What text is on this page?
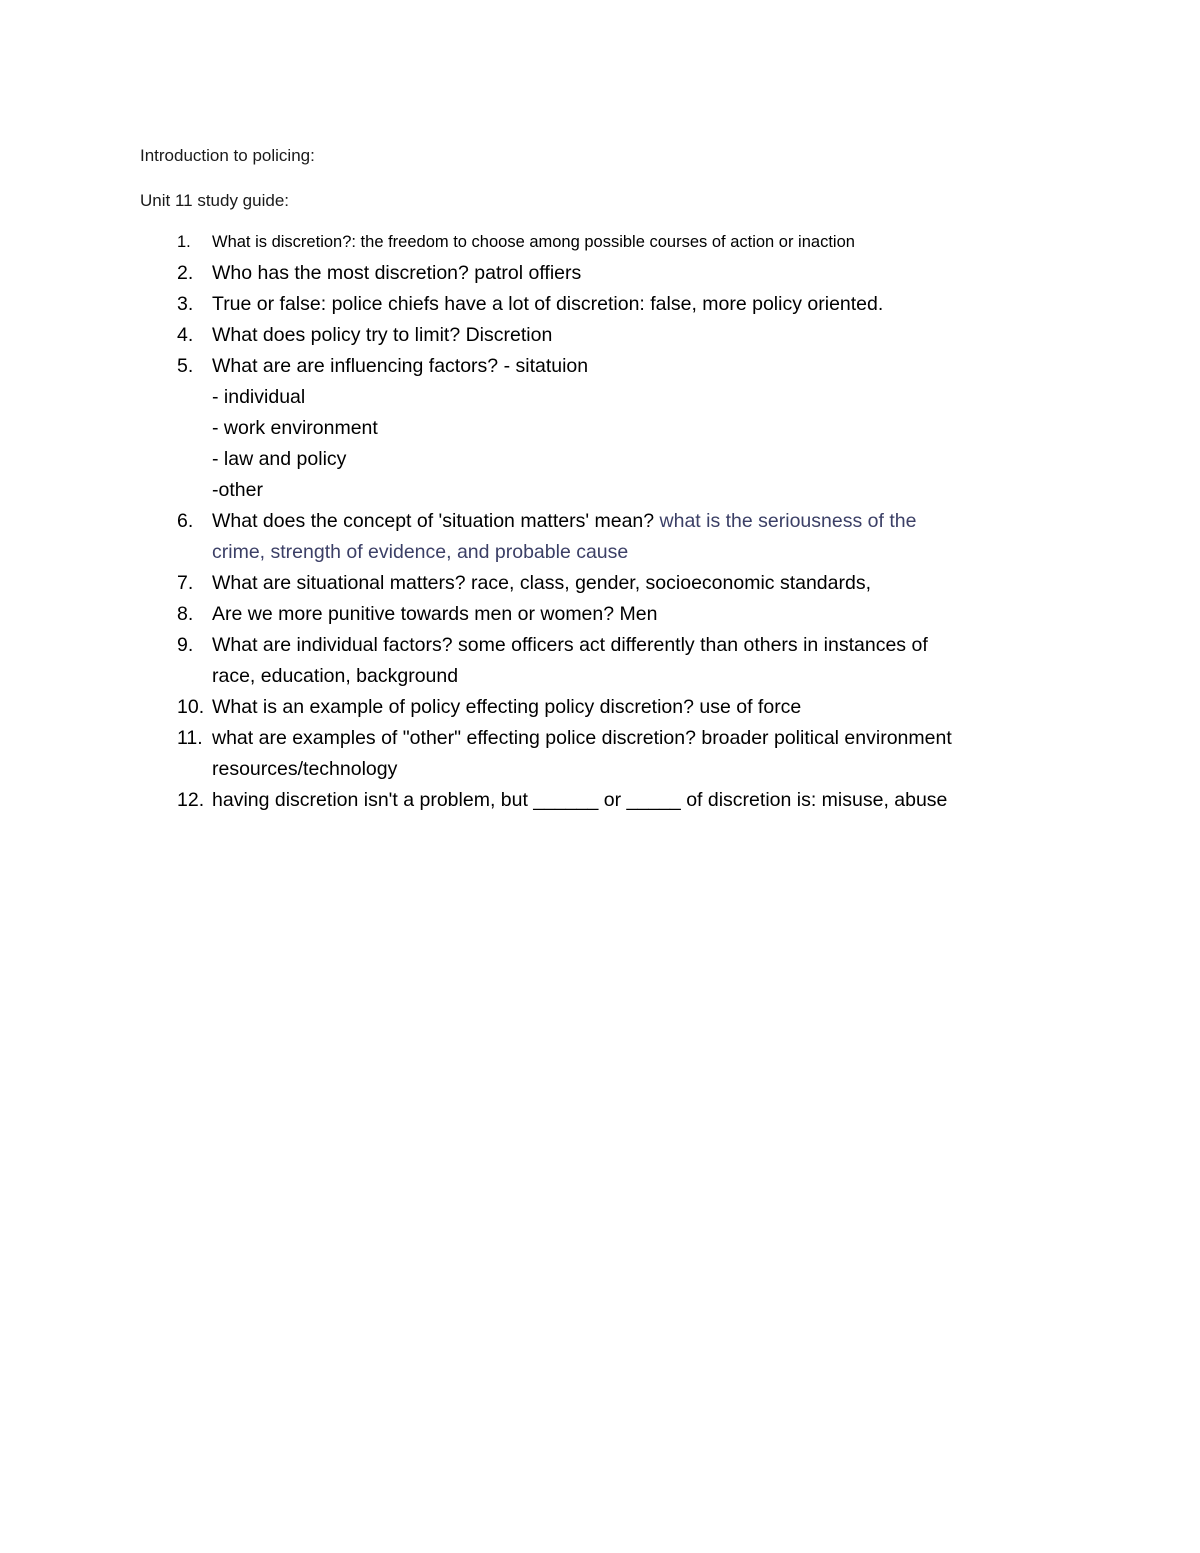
Introduction to policing:
Unit 11 study guide:
1. What is discretion?: the freedom to choose among possible courses of action or inaction
2. Who has the most discretion? patrol offiers
3. True or false: police chiefs have a lot of discretion: false, more policy oriented.
4. What does policy try to limit? Discretion
5. What are are influencing factors? - sitatuion
- individual
- work environment
- law and policy
-other
6. What does the concept of 'situation matters' mean? what is the seriousness of the
crime, strength of evidence, and probable cause
7. What are situational matters? race, class, gender, socioeconomic standards,
8. Are we more punitive towards men or women? Men
9. What are individual factors? some officers act differently than others in instances of
race, education, background
10. What is an example of policy effecting policy discretion? use of force
11. what are examples of "other" effecting police discretion? broader political environment
resources/technology
12. having discretion isn't a problem, but ______ or _____ of discretion is: misuse, abuse
